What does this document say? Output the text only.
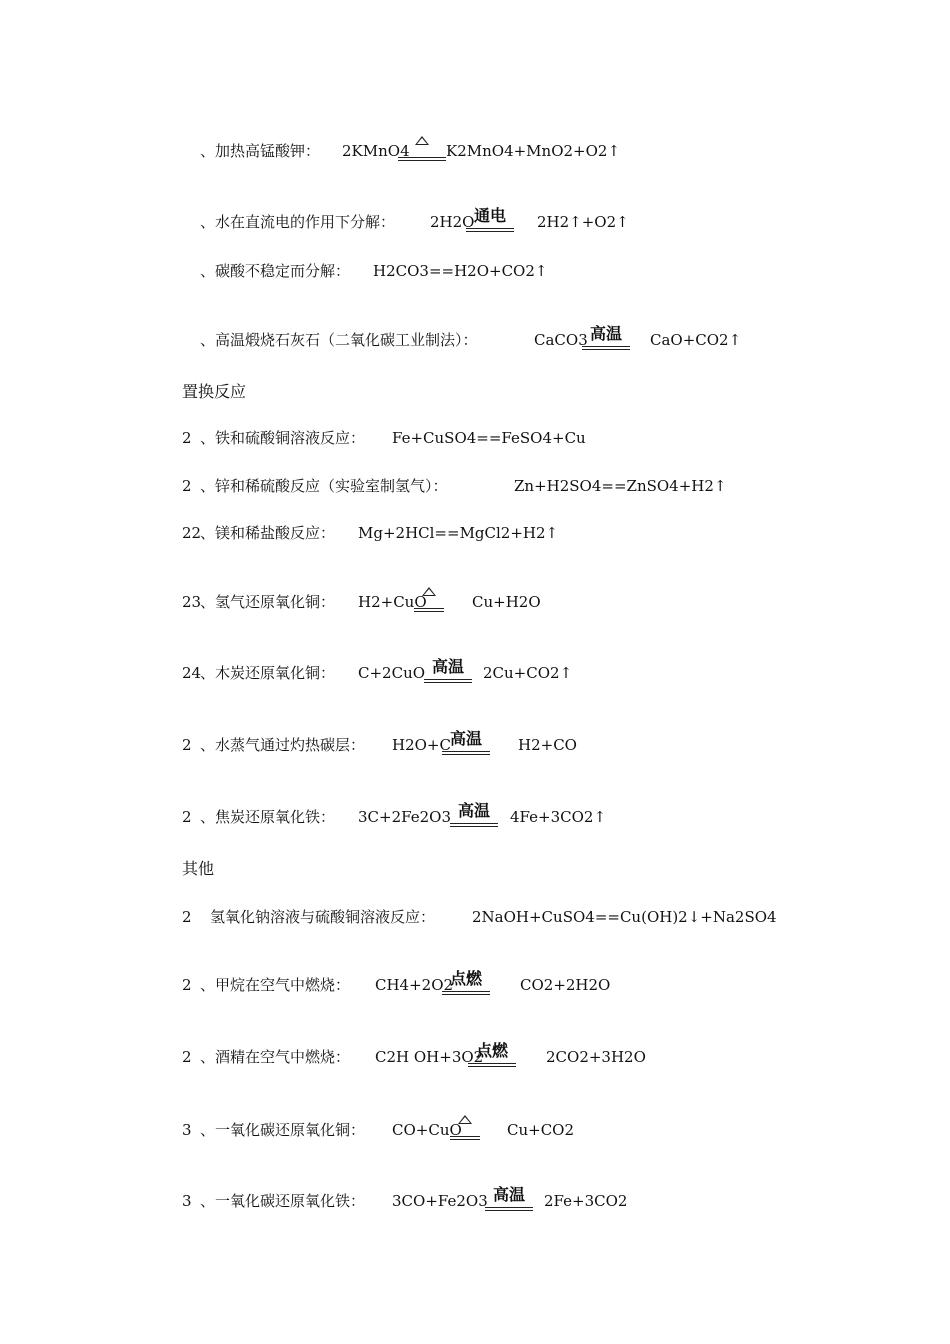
、加热高锰酸钾： 2KMnO4 K2MnO4+MnO2+O2↑
、水在直流电的作用下分解： 2H2O 通电	2H2↑+O2↑
、碳酸不稳定而分解： H2CO3==H2O+CO2↑
、高温煅烧石灰石（二氧化碳工业制法）：	CaCO3 高温	CaO+CO2↑
置换反应
2 、铁和硫酸铜溶液反应： Fe+CuSO4==FeSO4+Cu
2 、锌和稀硫酸反应（实验室制氢气）：	Zn+H2SO4==ZnSO4+H2↑
22
、镁和稀盐酸反应： Mg+2HCl==MgCl2+H2↑
23
、氢气还原氧化铜： H2+CuO	Cu+H2O
24
、木炭还原氧化铜： C+2CuO 高温	2Cu+CO2↑
2 、水蒸气通过灼热碳层： H2O+C 高温	H2+CO
2 、焦炭还原氧化铁： 3C+2Fe2O3 高温	4Fe+3CO2↑
其他
2 氢氧化钠溶液与硫酸铜溶液反应： 2NaOH+CuSO4==Cu(OH)2↓+Na2SO4
2 、甲烷在空气中燃烧： CH4+2O2
点燃	CO2+2H2O
2 、酒精在空气中燃烧： C2H OH+3O2
点燃	2CO2+3H2O
3 、一氧化碳还原氧化铜： CO+CuO	Cu+CO2
3 、一氧化碳还原氧化铁： 3CO+Fe2O3 高温	2Fe+3CO2
